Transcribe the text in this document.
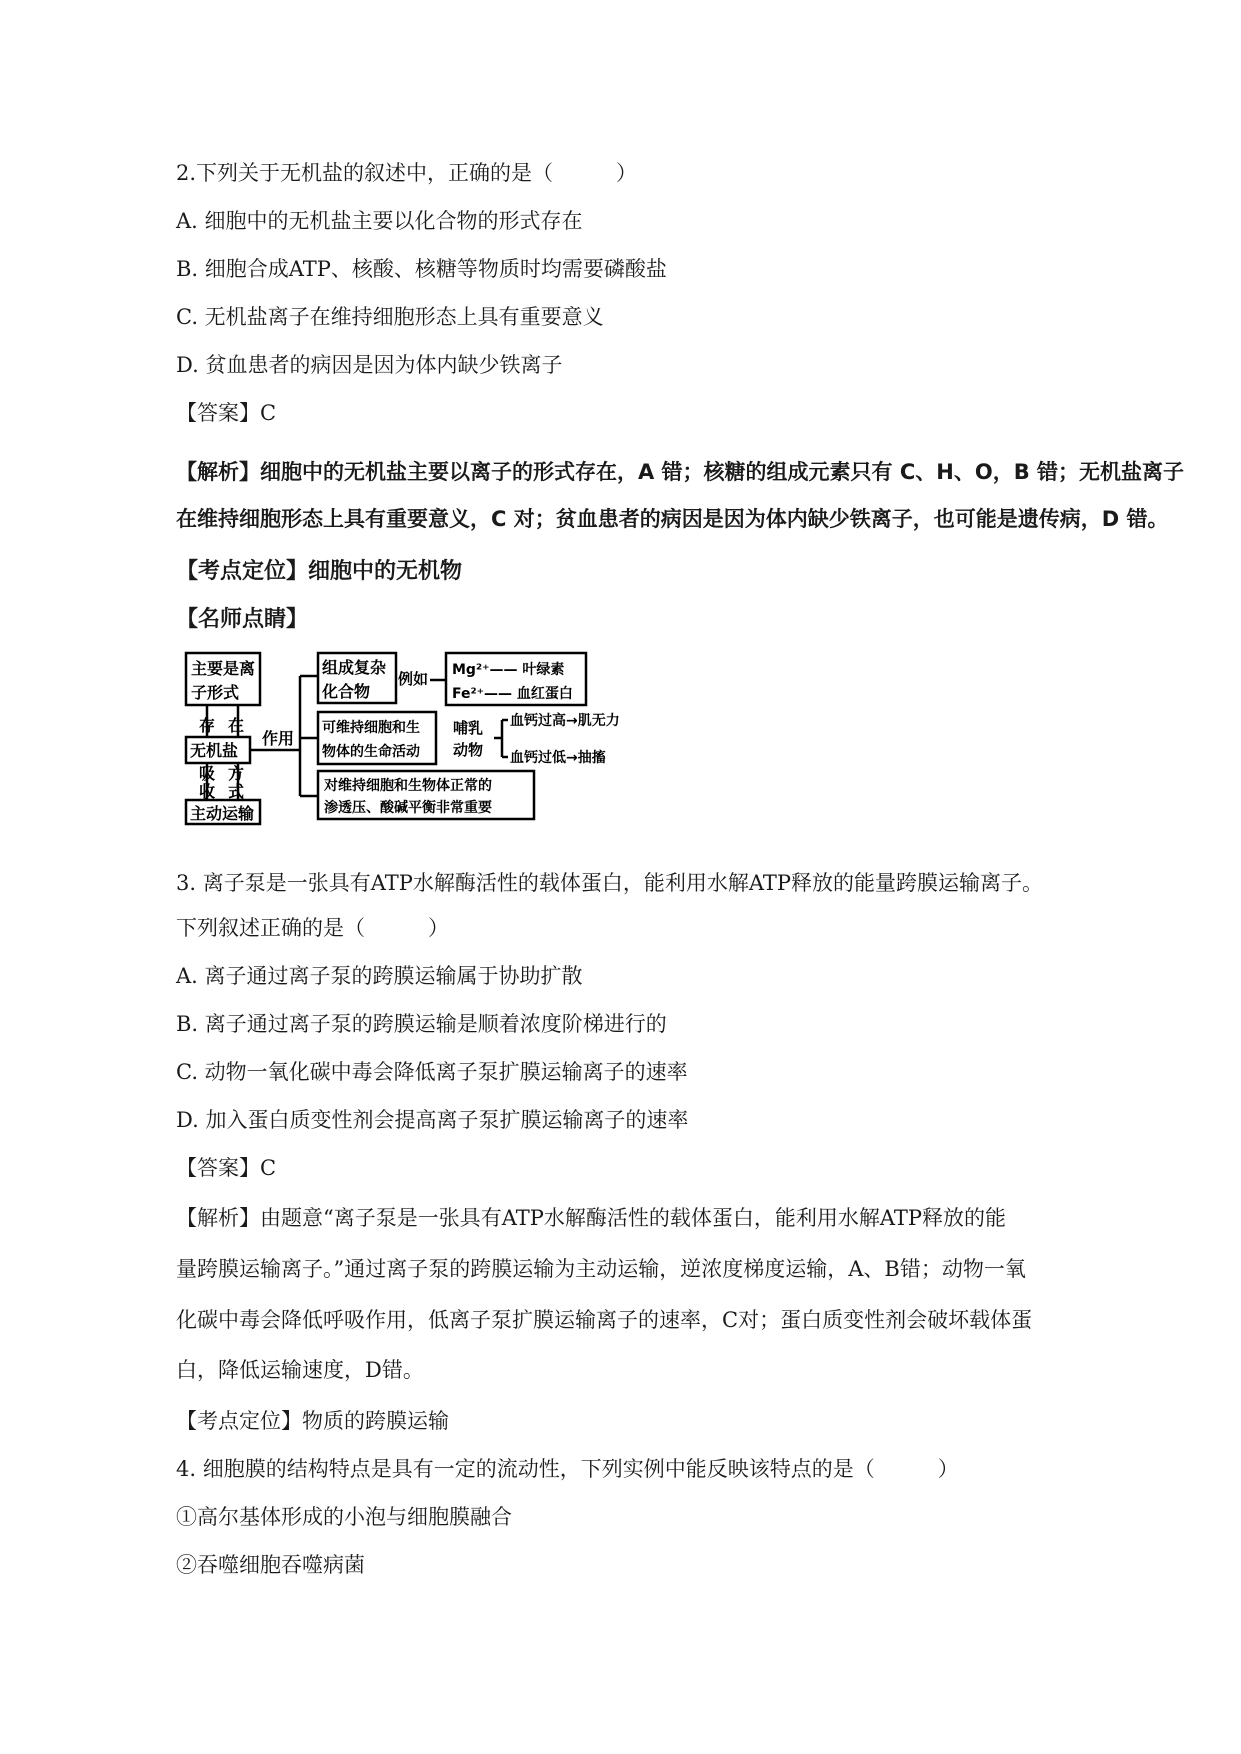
2.下列关于无机盐的叙述中，正确的是（　　　）
A. 细胞中的无机盐主要以化合物的形式存在
B. 细胞合成ATP、核酸、核糖等物质时均需要磷酸盐
C. 无机盐离子在维持细胞形态上具有重要意义
D. 贫血患者的病因是因为体内缺少铁离子
【答案】C
【解析】细胞中的无机盐主要以离子的形式存在，A 错；核糖的组成元素只有 C、H、O，B 错；无机盐离子
在维持细胞形态上具有重要意义，C 对；贫血患者的病因是因为体内缺少铁离子，也可能是遗传病，D 错。
【考点定位】细胞中的无机物
【名师点睛】
主要是离
子形式
存 在
无机盐
吸
收
方
式
主动运输
作用
组成复杂
化合物
例如 Mg²⁺—— 叶绿素
Fe²⁺—— 血红蛋白
可维持细胞和生
物体的生命活动
哺乳
动物
血钙过高→肌无力
血钙过低→抽搐
对维持细胞和生物体正常的
渗透压、酸碱平衡非常重要
3. 离子泵是一张具有ATP水解酶活性的载体蛋白，能利用水解ATP释放的能量跨膜运输离子。
下列叙述正确的是（　　　）
A. 离子通过离子泵的跨膜运输属于协助扩散
B. 离子通过离子泵的跨膜运输是顺着浓度阶梯进行的
C. 动物一氧化碳中毒会降低离子泵扩膜运输离子的速率
D. 加入蛋白质变性剂会提高离子泵扩膜运输离子的速率
【答案】C
【解析】由题意“离子泵是一张具有ATP水解酶活性的载体蛋白，能利用水解ATP释放的能
量跨膜运输离子。”通过离子泵的跨膜运输为主动运输，逆浓度梯度运输，A、B错；动物一氧
化碳中毒会降低呼吸作用，低离子泵扩膜运输离子的速率，C对；蛋白质变性剂会破坏载体蛋
白，降低运输速度，D错。
【考点定位】物质的跨膜运输
4. 细胞膜的结构特点是具有一定的流动性，下列实例中能反映该特点的是（　　　）
①高尔基体形成的小泡与细胞膜融合
②吞噬细胞吞噬病菌
